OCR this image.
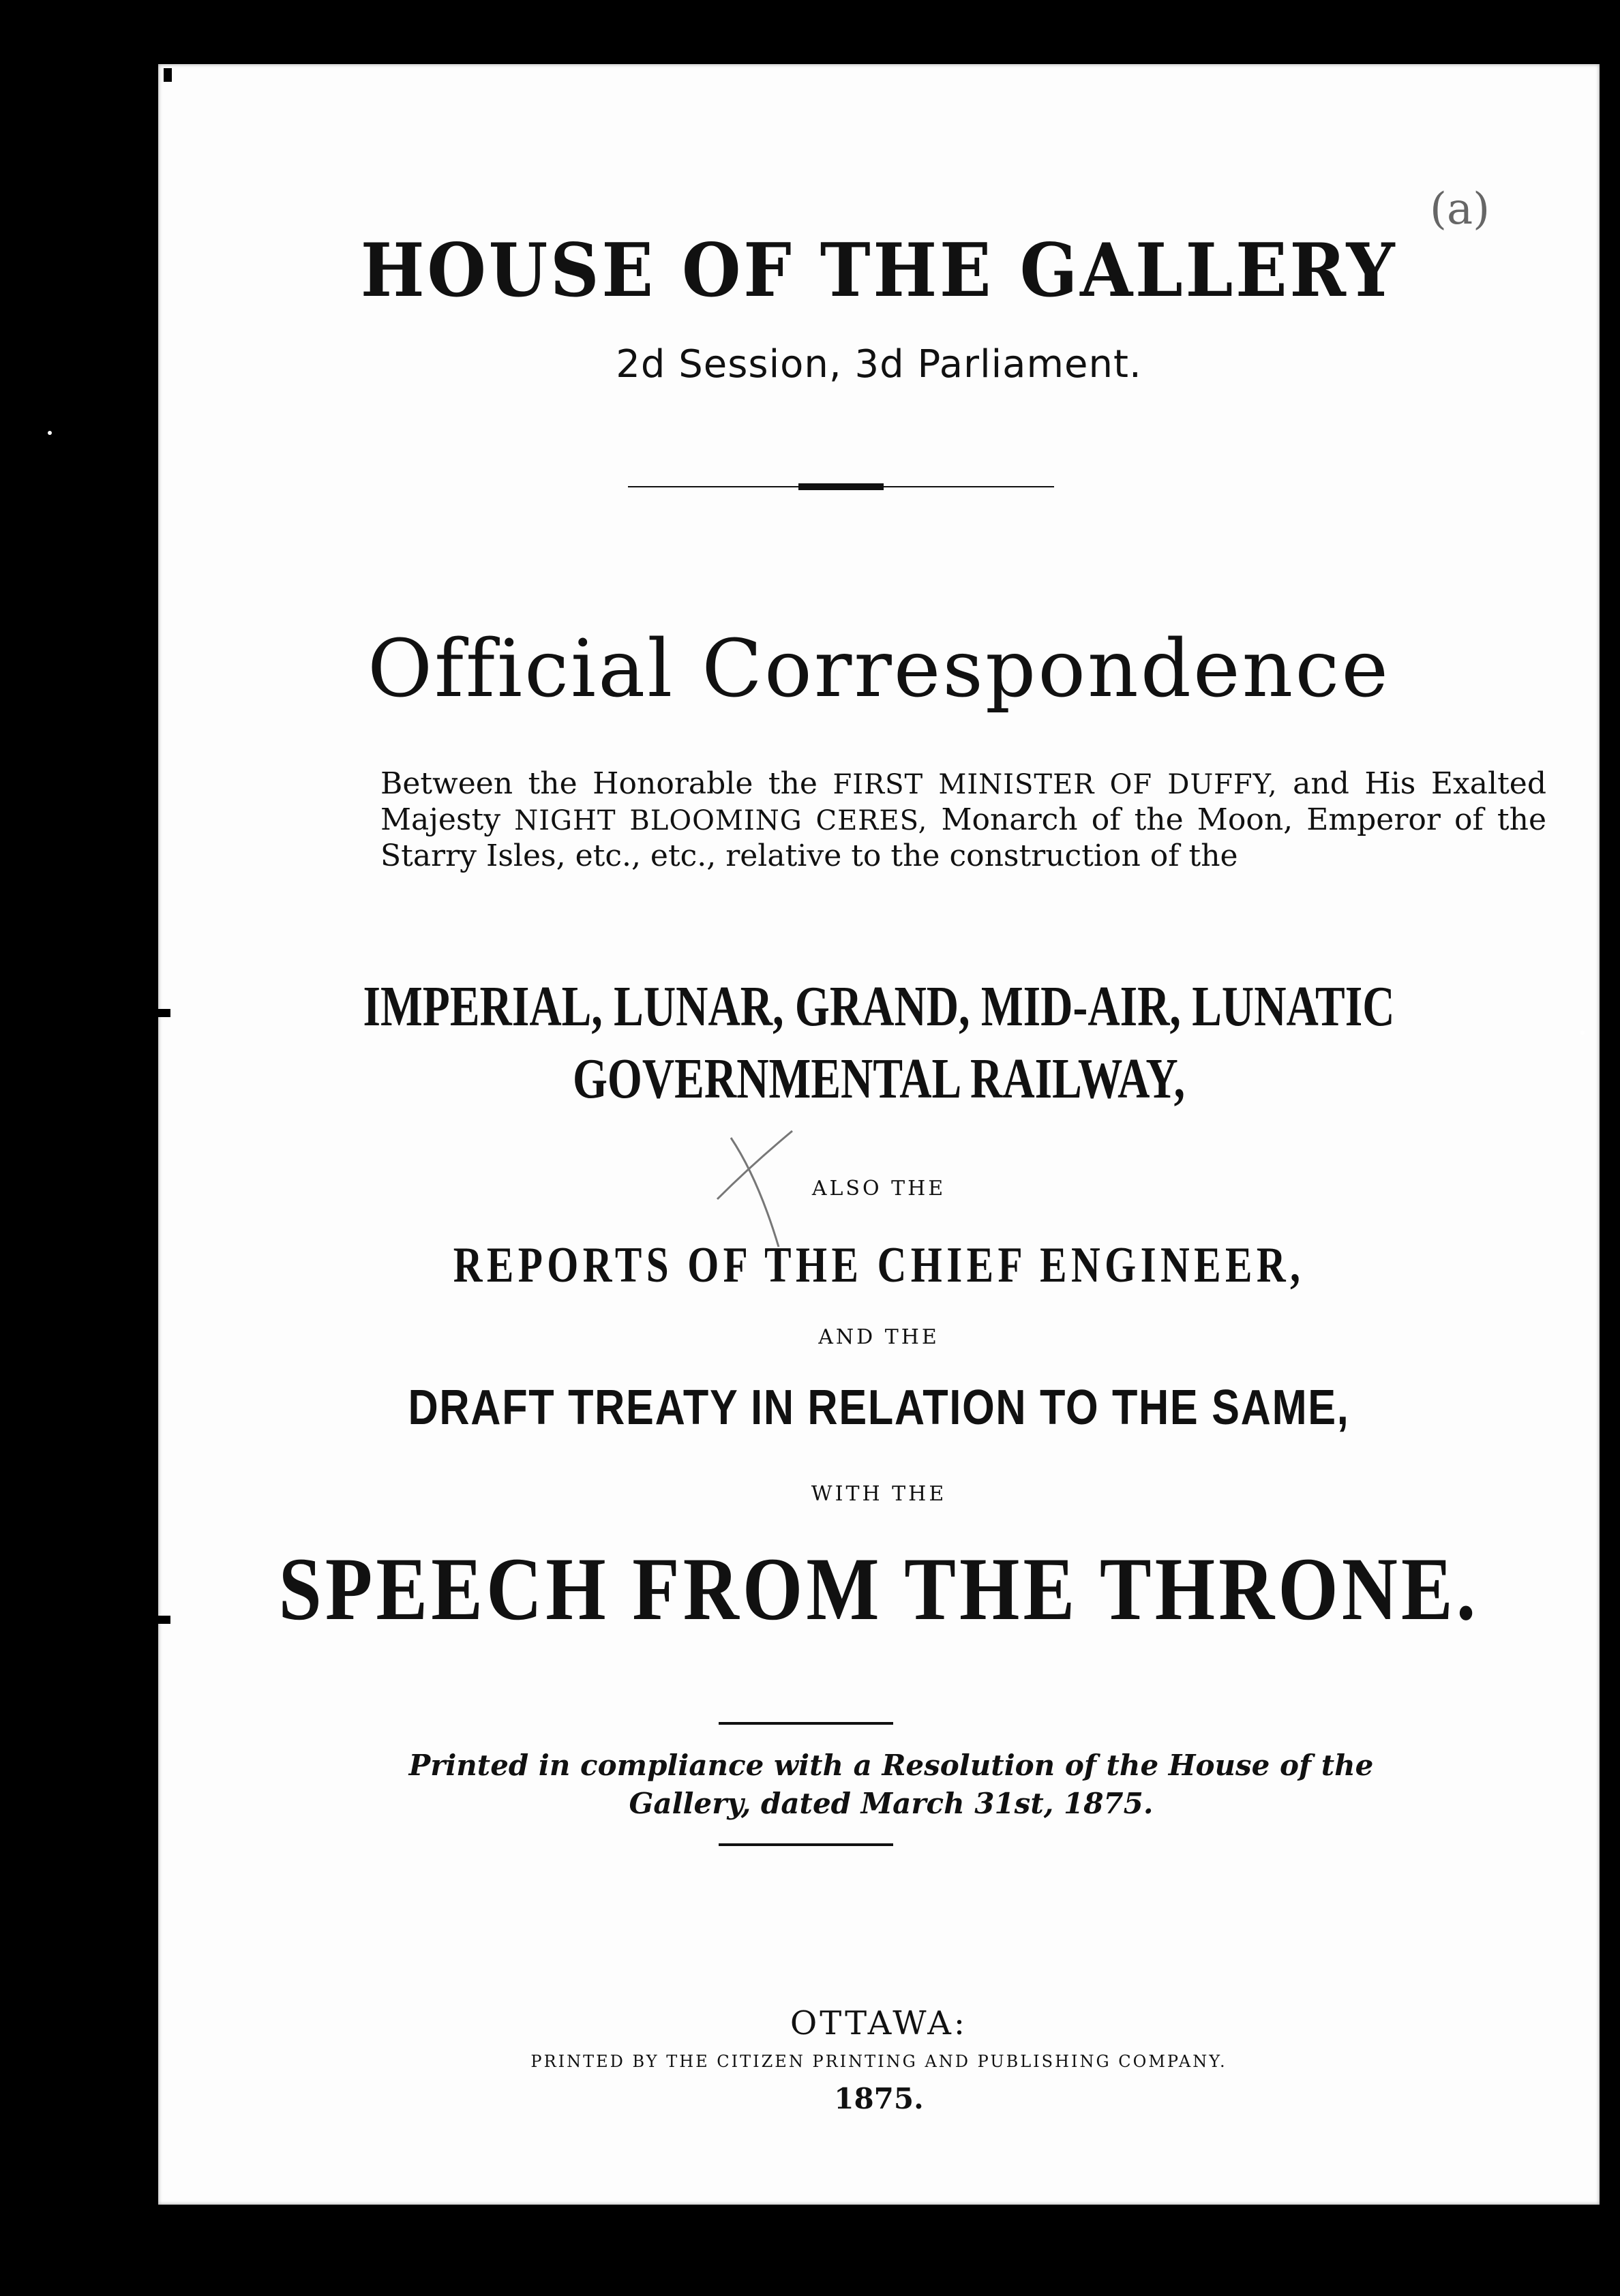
(a)
HOUSE OF THE GALLERY
2d Session, 3d Parliament.
Official Correspondence
Between the Honorable the FIRST MINISTER OF DUFFY, and His Exalted Majesty NIGHT BLOOMING CERES, Monarch of the Moon, Emperor of the Starry Isles, etc., etc., relative to the construction of the
IMPERIAL, LUNAR, GRAND, MID-AIR, LUNATIC
GOVERNMENTAL RAILWAY,
ALSO THE
REPORTS OF THE CHIEF ENGINEER,
AND THE
DRAFT TREATY IN RELATION TO THE SAME,
WITH THE
SPEECH FROM THE THRONE.
Printed in compliance with a Resolution of the House of the
Gallery, dated March 31st, 1875.
OTTAWA:
PRINTED BY THE CITIZEN PRINTING AND PUBLISHING COMPANY.
1875.
